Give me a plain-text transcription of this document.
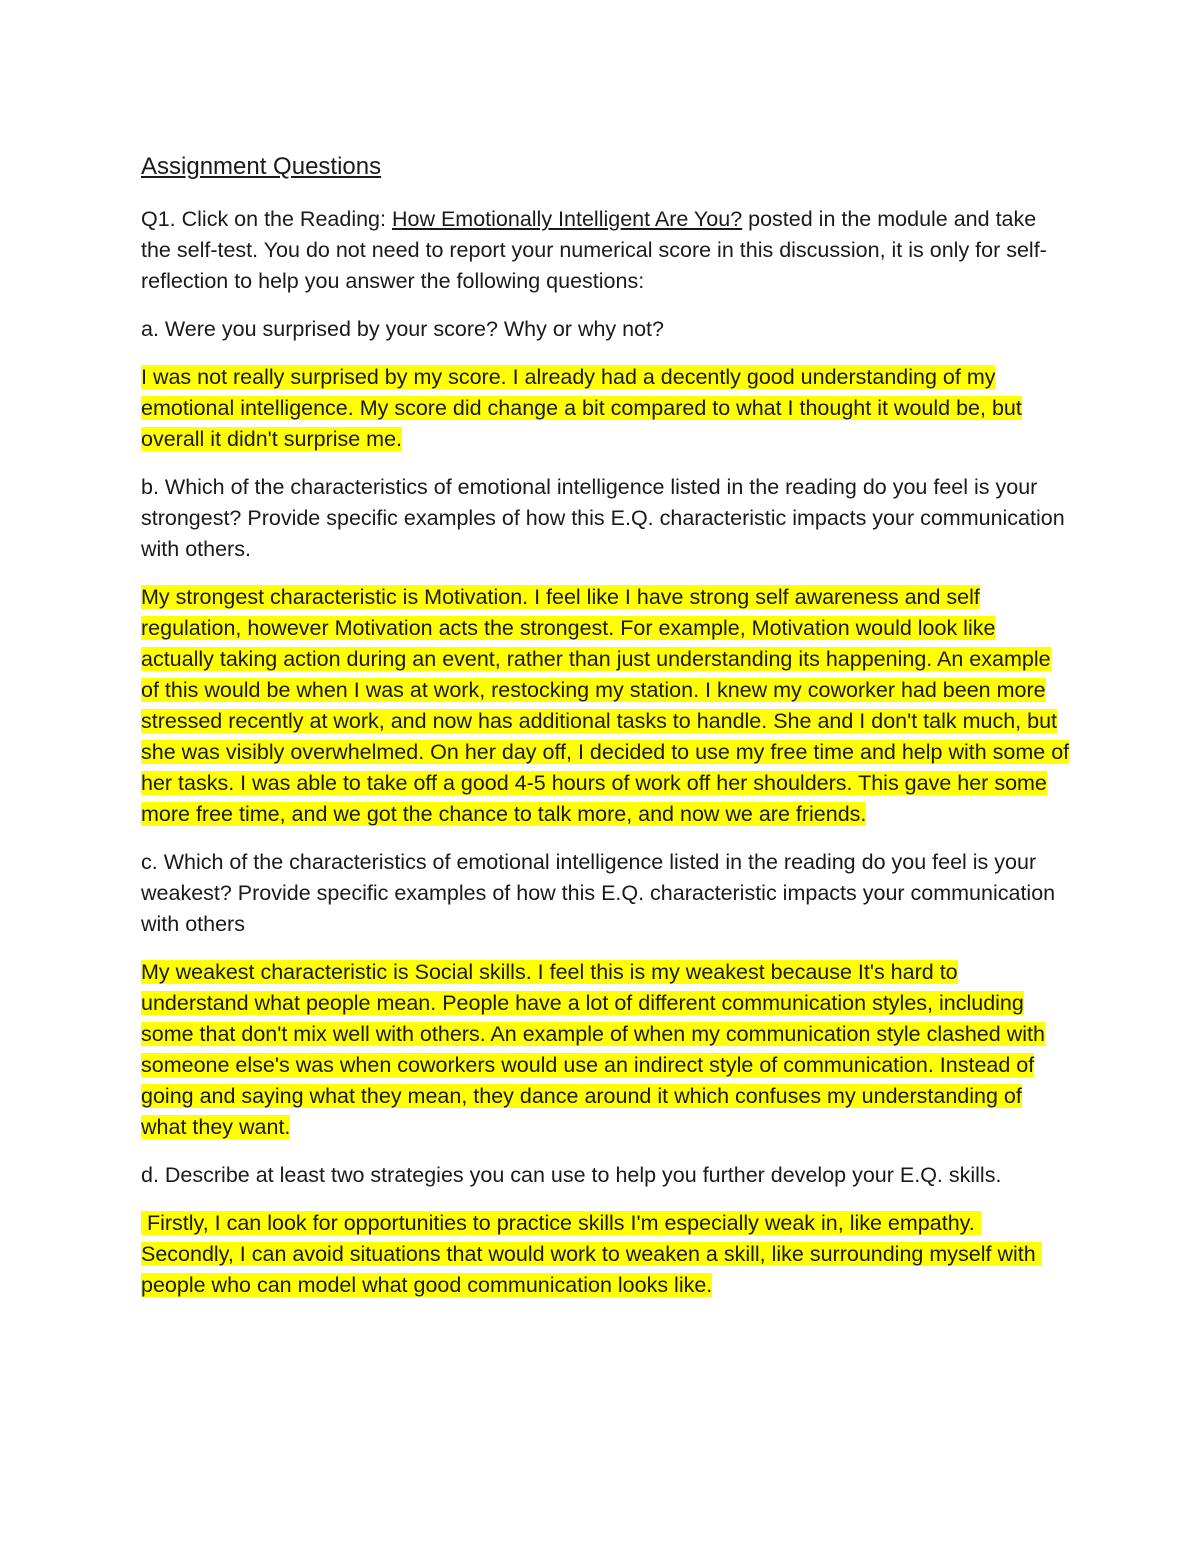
Assignment Questions

Q1. Click on the Reading: How Emotionally Intelligent Are You? posted in the module and take the self-test. You do not need to report your numerical score in this discussion, it is only for self-reflection to help you answer the following questions:

a. Were you surprised by your score? Why or why not?

I was not really surprised by my score. I already had a decently good understanding of my emotional intelligence. My score did change a bit compared to what I thought it would be, but overall it didn't surprise me.

b. Which of the characteristics of emotional intelligence listed in the reading do you feel is your strongest? Provide specific examples of how this E.Q. characteristic impacts your communication with others.

My strongest characteristic is Motivation. I feel like I have strong self awareness and self regulation, however Motivation acts the strongest. For example, Motivation would look like actually taking action during an event, rather than just understanding its happening. An example of this would be when I was at work, restocking my station. I knew my coworker had been more stressed recently at work, and now has additional tasks to handle. She and I don't talk much, but she was visibly overwhelmed. On her day off, I decided to use my free time and help with some of her tasks. I was able to take off a good 4-5 hours of work off her shoulders. This gave her some more free time, and we got the chance to talk more, and now we are friends.

c. Which of the characteristics of emotional intelligence listed in the reading do you feel is your weakest? Provide specific examples of how this E.Q. characteristic impacts your communication with others

My weakest characteristic is Social skills. I feel this is my weakest because It's hard to understand what people mean. People have a lot of different communication styles, including some that don't mix well with others. An example of when my communication style clashed with someone else's was when coworkers would use an indirect style of communication. Instead of going and saying what they mean, they dance around it which confuses my understanding of what they want.

d. Describe at least two strategies you can use to help you further develop your E.Q. skills.

Firstly, I can look for opportunities to practice skills I'm especially weak in, like empathy. Secondly, I can avoid situations that would work to weaken a skill, like surrounding myself with people who can model what good communication looks like.
